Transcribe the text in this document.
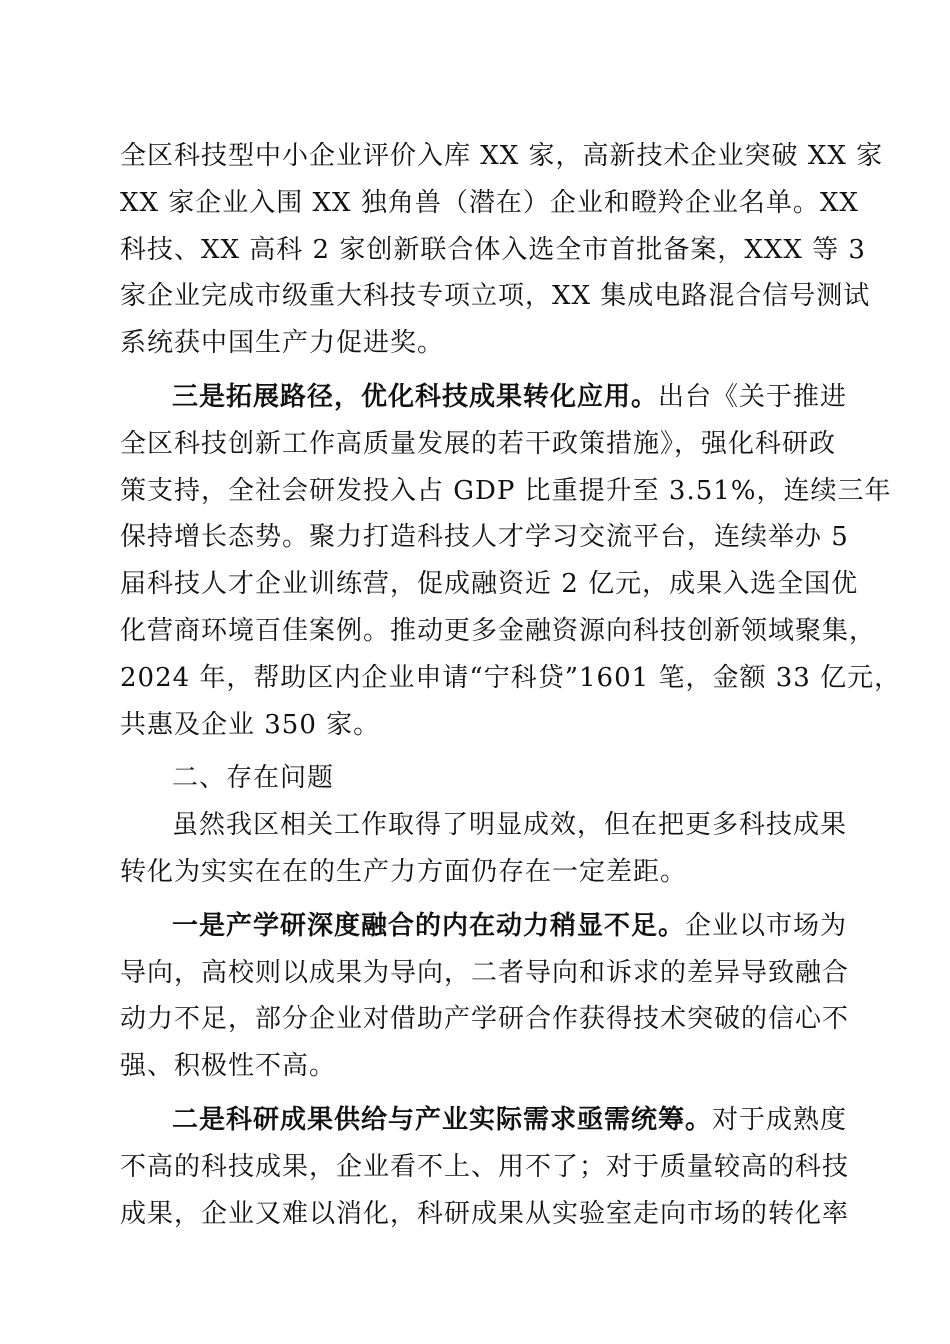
全区科技型中小企业评价入库 XX 家，高新技术企业突破 XX 家
XX 家企业入围 XX 独角兽（潜在）企业和瞪羚企业名单。XX
科技、XX 高科 2 家创新联合体入选全市首批备案，XXX 等 3
家企业完成市级重大科技专项立项，XX 集成电路混合信号测试
系统获中国生产力促进奖。
三是拓展路径，优化科技成果转化应用。出台《关于推进
全区科技创新工作高质量发展的若干政策措施》，强化科研政
策支持，全社会研发投入占 GDP 比重提升至 3.51%，连续三年
保持增长态势。聚力打造科技人才学习交流平台，连续举办 5
届科技人才企业训练营，促成融资近 2 亿元，成果入选全国优
化营商环境百佳案例。推动更多金融资源向科技创新领域聚集，
2024 年，帮助区内企业申请“宁科贷”1601 笔，金额 33 亿元，
共惠及企业 350 家。
二、存在问题
虽然我区相关工作取得了明显成效，但在把更多科技成果
转化为实实在在的生产力方面仍存在一定差距。
一是产学研深度融合的内在动力稍显不足。企业以市场为
导向，高校则以成果为导向，二者导向和诉求的差异导致融合
动力不足，部分企业对借助产学研合作获得技术突破的信心不
强、积极性不高。
二是科研成果供给与产业实际需求亟需统筹。对于成熟度
不高的科技成果，企业看不上、用不了；对于质量较高的科技
成果，企业又难以消化，科研成果从实验室走向市场的转化率
